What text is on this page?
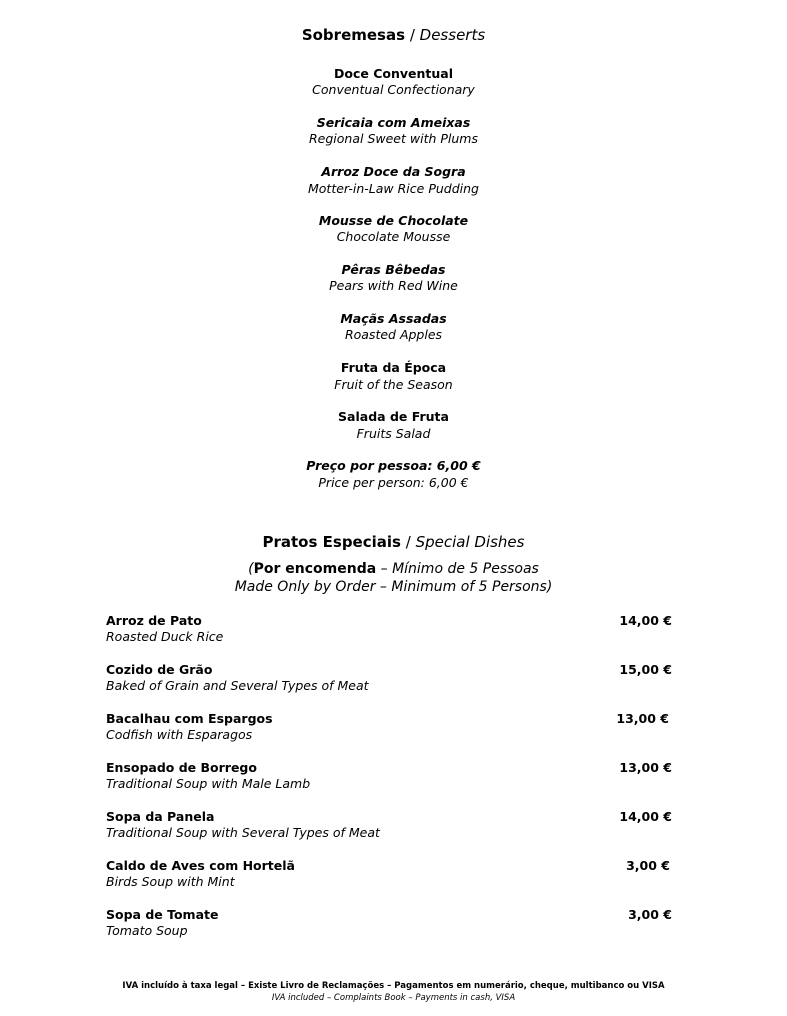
Sobremesas / Desserts
Doce Conventual
Conventual Confectionary
Sericaia com Ameixas
Regional Sweet with Plums
Arroz Doce da Sogra
Motter-in-Law Rice Pudding
Mousse de Chocolate
Chocolate Mousse
Pêras Bêbedas
Pears with Red Wine
Maçãs Assadas
Roasted Apples
Fruta da Época
Fruit of the Season
Salada de Fruta
Fruits Salad
Preço por pessoa: 6,00 €
Price per person: 6,00 €
Pratos Especiais / Special Dishes
(Por encomenda – Mínimo de 5 Pessoas
Made Only by Order – Minimum of 5 Persons)
Arroz de Pato
Roasted Duck Rice
14,00 €
Cozido de Grão
Baked of Grain and Several Types of Meat
15,00 €
Bacalhau com Espargos
Codfish with Esparagos
13,00 €
Ensopado de Borrego
Traditional Soup with Male Lamb
13,00 €
Sopa da Panela
Traditional Soup with Several Types of Meat
14,00 €
Caldo de Aves com Hortelã
Birds Soup with Mint
3,00 €
Sopa de Tomate
Tomato Soup
3,00 €
IVA incluído à taxa legal – Existe Livro de Reclamações – Pagamentos em numerário, cheque, multibanco ou VISA
IVA included – Complaints Book – Payments in cash, VISA
